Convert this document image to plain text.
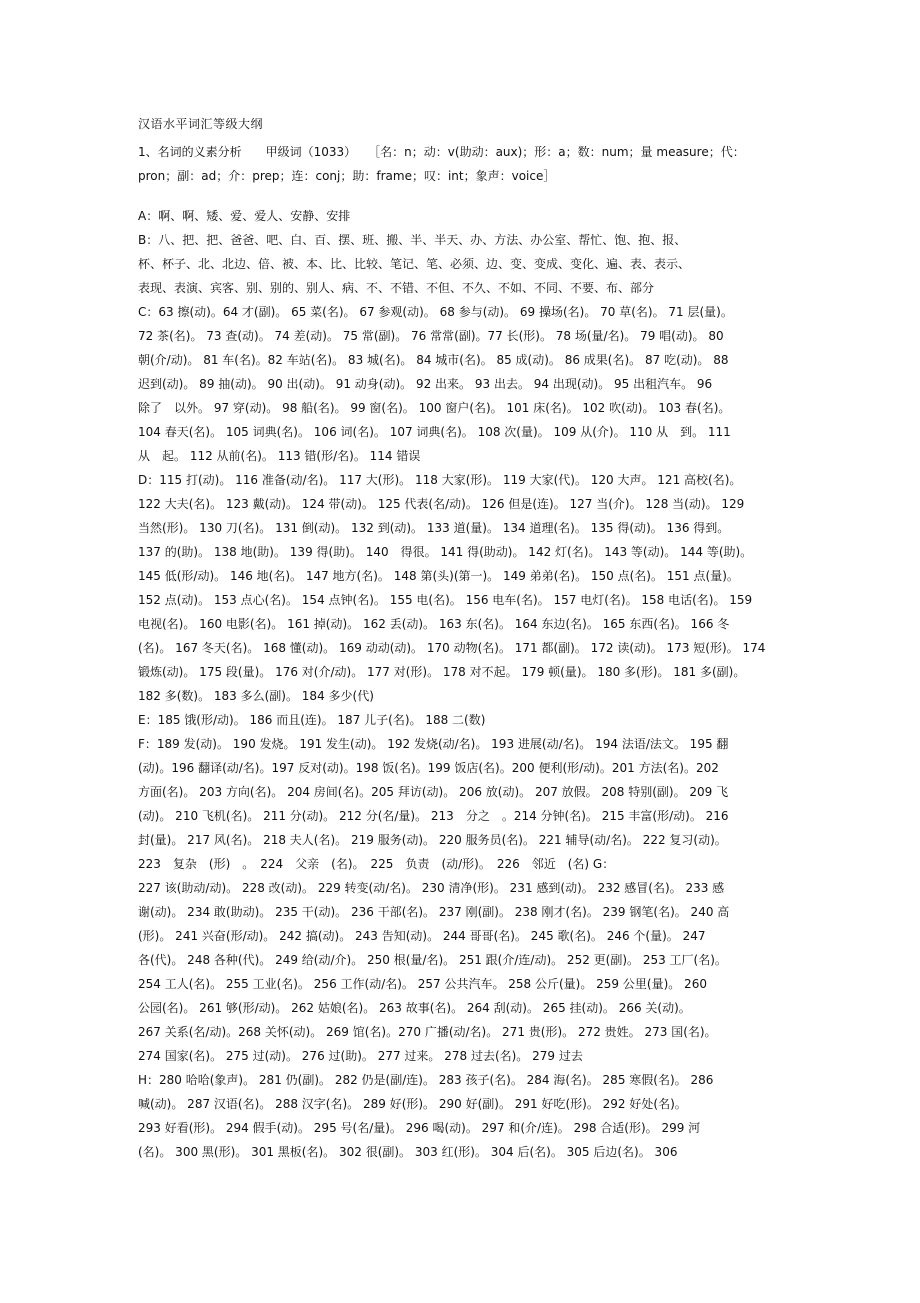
汉语水平词汇等级大纲
1、名词的义素分析　　甲级词（1033）　　［名：n；动：v(助动：aux)；形：a；数：num；量 measure；代：
pron；副：ad；介：prep；连：conj；助：frame；叹：int；象声：voice］
A：啊、啊、矮、爱、爱人、安静、安排
B：八、把、把、爸爸、吧、白、百、摆、班、搬、半、半天、办、方法、办公室、帮忙、饱、抱、报、
杯、杯子、北、北边、倍、被、本、比、比较、笔记、笔、必须、边、变、变成、变化、遍、表、表示、
表现、表演、宾客、别、别的、别人、病、不、不错、不但、不久、不如、不同、不要、布、部分
C：63 擦(动)。64 才(副)。 65 菜(名)。 67 参观(动)。 68 参与(动)。 69 操场(名)。 70 草(名)。 71 层(量)。
72 茶(名)。 73 查(动)。 74 差(动)。 75 常(副)。 76 常常(副)。77 长(形)。 78 场(量/名)。 79 唱(动)。 80
朝(介/动)。 81 车(名)。82 车站(名)。 83 城(名)。 84 城市(名)。 85 成(动)。 86 成果(名)。 87 吃(动)。 88
迟到(动)。 89 抽(动)。 90 出(动)。 91 动身(动)。 92 出来。 93 出去。 94 出现(动)。 95 出租汽车。 96
除了　以外。 97 穿(动)。 98 船(名)。 99 窗(名)。 100 窗户(名)。 101 床(名)。 102 吹(动)。 103 春(名)。
104 春天(名)。 105 词典(名)。 106 词(名)。 107 词典(名)。 108 次(量)。 109 从(介)。 110 从　到。 111
从　起。 112 从前(名)。 113 错(形/名)。 114 错误
D：115 打(动)。 116 准备(动/名)。 117 大(形)。 118 大家(形)。 119 大家(代)。 120 大声。 121 高校(名)。
122 大夫(名)。 123 戴(动)。 124 带(动)。 125 代表(名/动)。 126 但是(连)。 127 当(介)。 128 当(动)。 129
当然(形)。 130 刀(名)。 131 倒(动)。 132 到(动)。 133 道(量)。 134 道理(名)。 135 得(动)。 136 得到。
137 的(助)。 138 地(助)。 139 得(助)。 140　得很。 141 得(助动)。 142 灯(名)。 143 等(动)。 144 等(助)。
145 低(形/动)。 146 地(名)。 147 地方(名)。 148 第(头)(第一)。 149 弟弟(名)。 150 点(名)。 151 点(量)。
152 点(动)。 153 点心(名)。 154 点钟(名)。 155 电(名)。 156 电车(名)。 157 电灯(名)。 158 电话(名)。 159
电视(名)。 160 电影(名)。 161 掉(动)。 162 丢(动)。 163 东(名)。 164 东边(名)。 165 东西(名)。 166 冬
(名)。 167 冬天(名)。 168 懂(动)。 169 动动(动)。 170 动物(名)。 171 都(副)。 172 读(动)。 173 短(形)。 174
锻炼(动)。 175 段(量)。 176 对(介/动)。 177 对(形)。 178 对不起。 179 顿(量)。 180 多(形)。 181 多(副)。
182 多(数)。 183 多么(副)。 184 多少(代)
E：185 饿(形/动)。 186 而且(连)。 187 儿子(名)。 188 二(数)
F：189 发(动)。 190 发烧。 191 发生(动)。 192 发烧(动/名)。 193 进展(动/名)。 194 法语/法文。 195 翻
(动)。196 翻译(动/名)。197 反对(动)。198 饭(名)。199 饭店(名)。200 便利(形/动)。201 方法(名)。202
方面(名)。 203 方向(名)。 204 房间(名)。205 拜访(动)。 206 放(动)。 207 放假。 208 特别(副)。 209 飞
(动)。 210 飞机(名)。 211 分(动)。 212 分(名/量)。 213　分之　。214 分钟(名)。 215 丰富(形/动)。 216
封(量)。 217 风(名)。 218 夫人(名)。 219 服务(动)。 220 服务员(名)。 221 辅导(动/名)。 222 复习(动)。
223　复杂　(形)　。　224　父亲　(名)。　225　负责　(动/形)。　226　邻近　(名) G：
227 该(助动/动)。 228 改(动)。 229 转变(动/名)。 230 清净(形)。 231 感到(动)。 232 感冒(名)。 233 感
谢(动)。 234 敢(助动)。 235 干(动)。 236 干部(名)。 237 刚(副)。 238 刚才(名)。 239 钢笔(名)。 240 高
(形)。 241 兴奋(形/动)。 242 搞(动)。 243 告知(动)。 244 哥哥(名)。 245 歌(名)。 246 个(量)。 247
各(代)。 248 各种(代)。 249 给(动/介)。 250 根(量/名)。 251 跟(介/连/动)。 252 更(副)。 253 工厂(名)。
254 工人(名)。 255 工业(名)。 256 工作(动/名)。 257 公共汽车。 258 公斤(量)。 259 公里(量)。 260
公园(名)。 261 够(形/动)。 262 姑娘(名)。 263 故事(名)。 264 刮(动)。 265 挂(动)。 266 关(动)。
267 关系(名/动)。268 关怀(动)。 269 馆(名)。270 广播(动/名)。 271 贵(形)。 272 贵姓。 273 国(名)。
274 国家(名)。 275 过(动)。 276 过(助)。 277 过来。 278 过去(名)。 279 过去
H：280 哈哈(象声)。 281 仍(副)。 282 仍是(副/连)。 283 孩子(名)。 284 海(名)。 285 寒假(名)。 286
喊(动)。 287 汉语(名)。 288 汉字(名)。 289 好(形)。 290 好(副)。 291 好吃(形)。 292 好处(名)。
293 好看(形)。 294 假手(动)。 295 号(名/量)。 296 喝(动)。 297 和(介/连)。 298 合适(形)。 299 河
(名)。 300 黑(形)。 301 黑板(名)。 302 很(副)。 303 红(形)。 304 后(名)。 305 后边(名)。 306
